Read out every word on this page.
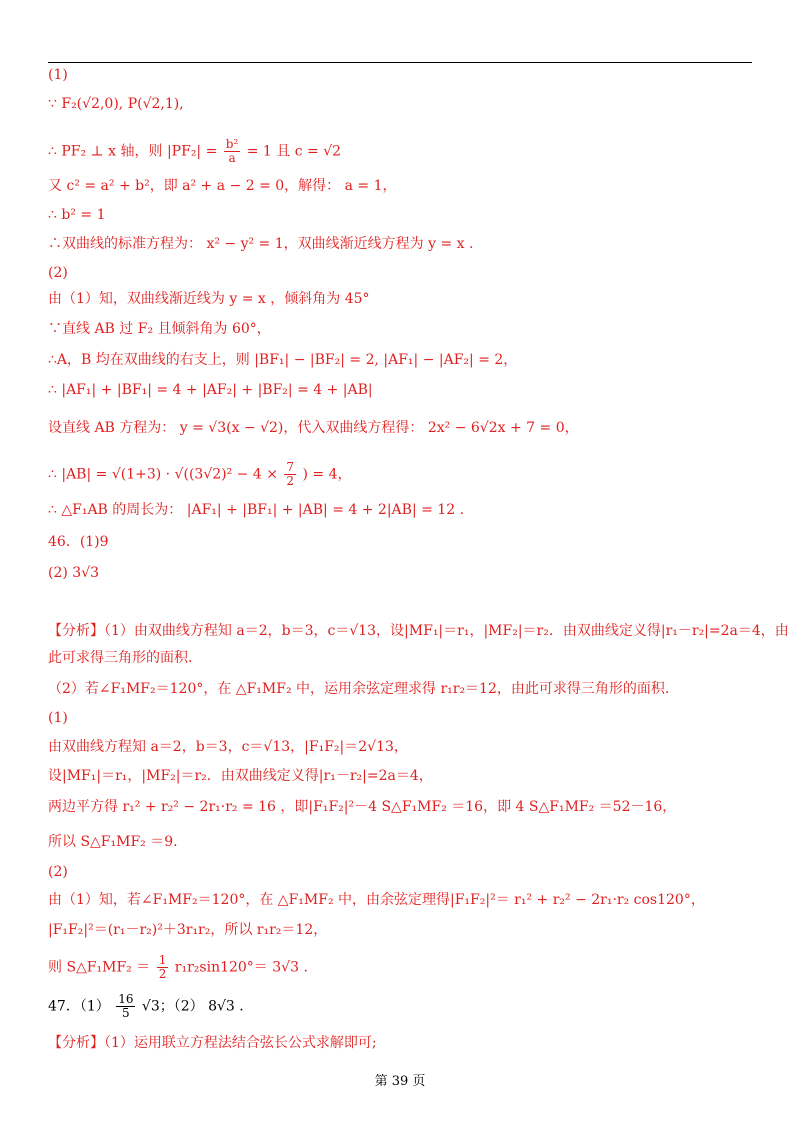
(1)
∵ F₂(√2,0), P(√2,1),
∴ PF₂ ⊥ x 轴，则 $|PF_2| = \frac{\text{b²}}{a} = 1$ 且 c = √2
又 c² = a² + b²，即 a² + a − 2 = 0，解得： a = 1，
∴ b² = 1
∴双曲线的标准方程为： x² − y² = 1，双曲线渐近线方程为 y = x .
(2)
由（1）知，双曲线渐近线为 y = x ，倾斜角为 45°
∵直线 AB 过 F₂ 且倾斜角为 60°，
∴A，B 均在双曲线的右支上，则 |BF₁| − |BF₂| = 2, |AF₁| − |AF₂| = 2，
∴ |AF₁| + |BF₁| = 4 + |AF₂| + |BF₂| = 4 + |AB|
设直线 AB 方程为： y = √3(x − √2)，代入双曲线方程得： 2x² − 6√2x + 7 = 0，
∴ $|AB| = √(1+3) \cdot √((3√2)^2 - 4 \times \frac{7}{2}$ ) = 4，
∴ △F₁AB 的周长为： |AF₁| + |BF₁| + |AB| = 4 + 2|AB| = 12 .
46．(1)9
(2) 3√3
【分析】（1）由双曲线方程知 a＝2，b＝3，c＝√13，设|MF₁|＝r₁，|MF₂|＝r₂．由双曲线定义得|r₁－r₂|=2a＝4，由
此可求得三角形的面积.
（2）若∠F₁MF₂＝120°，在 △F₁MF₂ 中，运用余弦定理求得 r₁r₂＝12，由此可求得三角形的面积.
(1)
由双曲线方程知 a＝2，b＝3，c＝√13，|F₁F₂|＝2√13，
设|MF₁|＝r₁，|MF₂|＝r₂．由双曲线定义得|r₁－r₂|=2a＝4，
两边平方得 r₁² + r₂² − 2r₁·r₂ = 16 ，即|F₁F₂|²－4 S△F₁MF₂ ＝16，即 4 S△F₁MF₂ ＝52－16，
所以 S△F₁MF₂ ＝9.
(2)
由（1）知，若∠F₁MF₂＝120°，在 △F₁MF₂ 中，由余弦定理得|F₁F₂|²＝ r₁² + r₂² − 2r₁·r₂ cos120°，
|F₁F₂|²＝(r₁－r₂)²＋3r₁r₂，所以 r₁r₂＝12，
则 S△F₁MF₂ ＝ $\frac{1}{2} r_1r_2\sin 120^\circ= 3√3$ .
47．$(1) \frac{16}{5} √3$；（2） 8√3 .
【分析】（1）运用联立方程法结合弦长公式求解即可;
第 39 页
